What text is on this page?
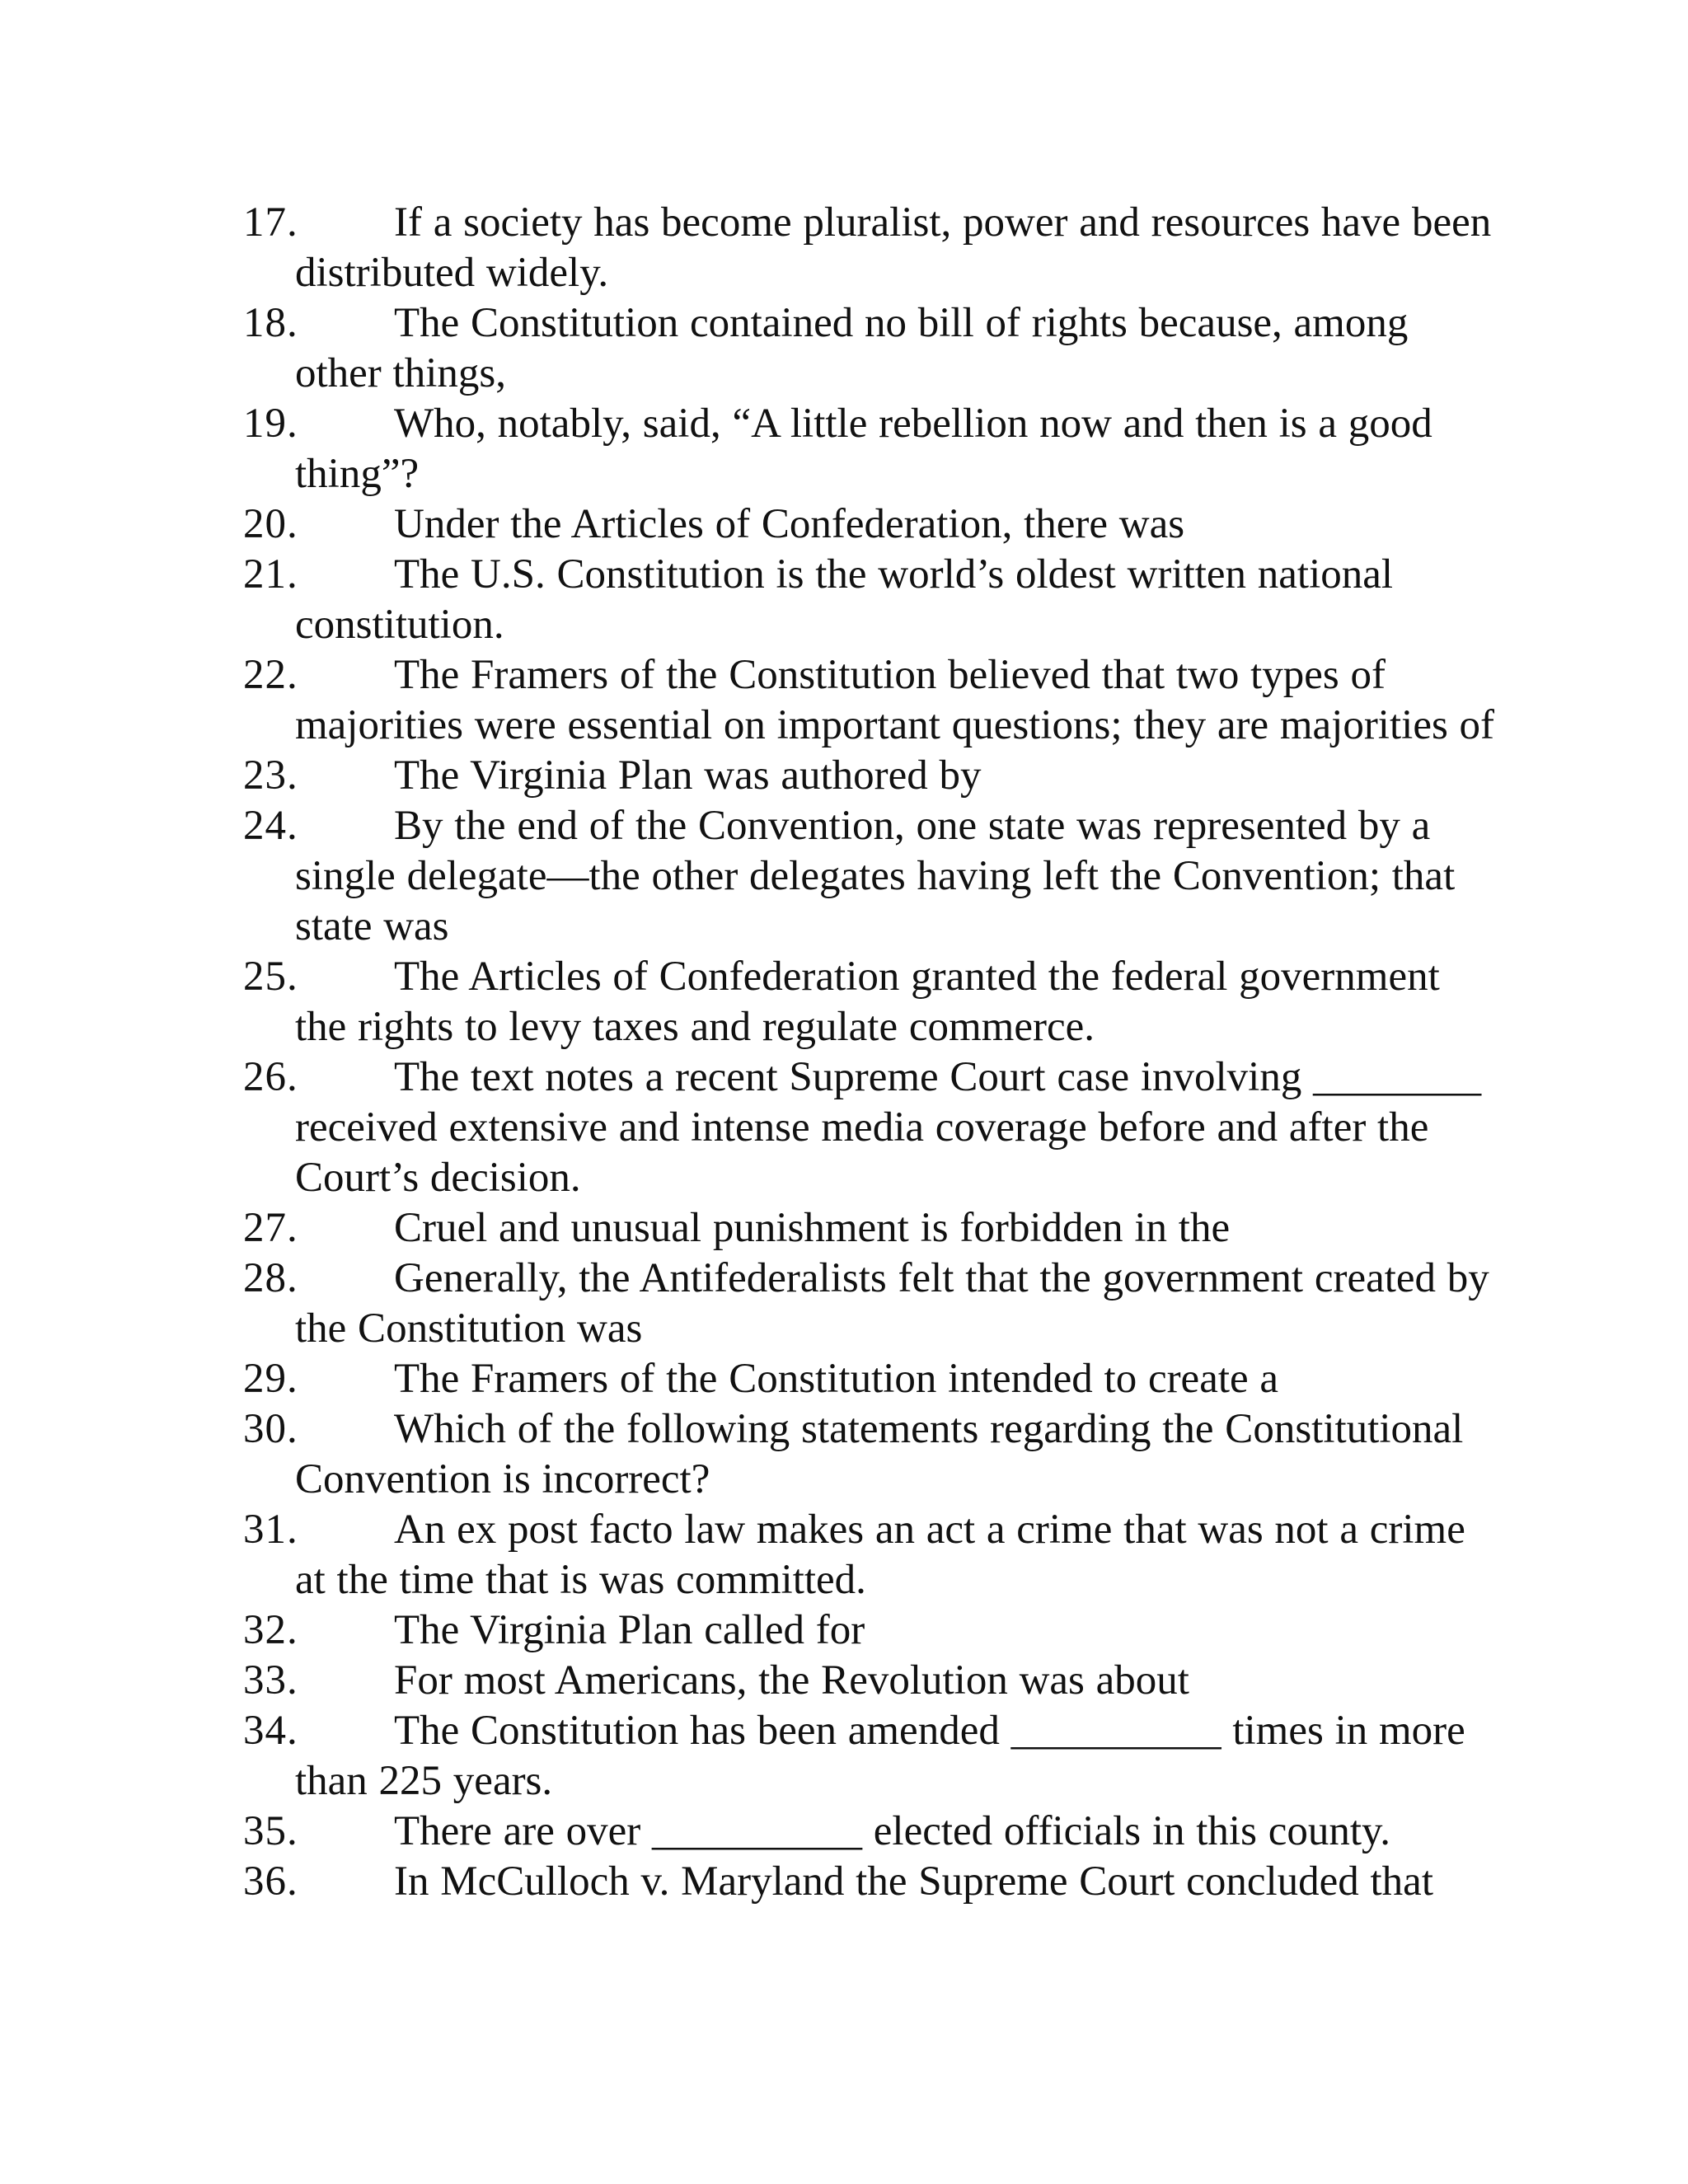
17. If a society has become pluralist, power and resources have been distributed widely.
18. The Constitution contained no bill of rights because, among other things,
19. Who, notably, said, “A little rebellion now and then is a good thing”?
20. Under the Articles of Confederation, there was
21. The U.S. Constitution is the world’s oldest written national constitution.
22. The Framers of the Constitution believed that two types of majorities were essential on important questions; they are majorities of
23. The Virginia Plan was authored by
24. By the end of the Convention, one state was represented by a single delegate—the other delegates having left the Convention; that state was
25. The Articles of Confederation granted the federal government the rights to levy taxes and regulate commerce.
26. The text notes a recent Supreme Court case involving ________ received extensive and intense media coverage before and after the Court’s decision.
27. Cruel and unusual punishment is forbidden in the
28. Generally, the Antifederalists felt that the government created by the Constitution was
29. The Framers of the Constitution intended to create a
30. Which of the following statements regarding the Constitutional Convention is incorrect?
31. An ex post facto law makes an act a crime that was not a crime at the time that is was committed.
32. The Virginia Plan called for
33. For most Americans, the Revolution was about
34. The Constitution has been amended __________ times in more than 225 years.
35. There are over __________ elected officials in this county.
36. In McCulloch v. Maryland the Supreme Court concluded that
